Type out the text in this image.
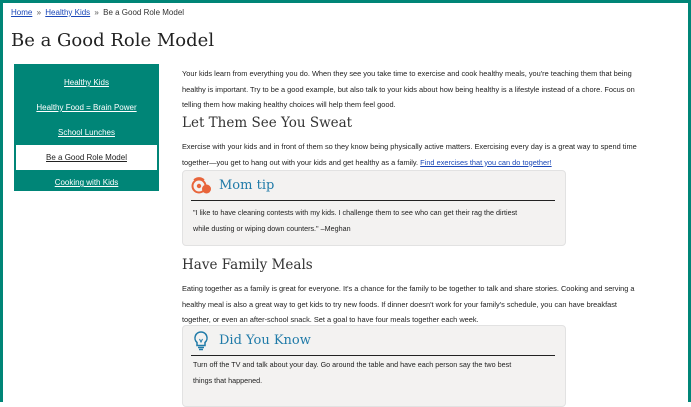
Home » Healthy Kids » Be a Good Role Model
Be a Good Role Model
Healthy Kids
Healthy Food = Brain Power
School Lunches
Be a Good Role Model
Cooking with Kids

Your kids learn from everything you do. When they see you take time to exercise and cook healthy meals, you're teaching them that being
healthy is important. Try to be a good example, but also talk to your kids about how being healthy is a lifestyle instead of a chore. Focus on
telling them how making healthy choices will help them feel good.

Let Them See You Sweat

Exercise with your kids and in front of them so they know being physically active matters. Exercising every day is a great way to spend time
together—you get to hang out with your kids and get healthy as a family. Find exercises that you can do together!

Mom tip
"I like to have cleaning contests with my kids. I challenge them to see who can get their rag the dirtiest
while dusting or wiping down counters." –Meghan
Have Family Meals

Eating together as a family is great for everyone. It's a chance for the family to be together to talk and share stories. Cooking and serving a
healthy meal is also a great way to get kids to try new foods. If dinner doesn't work for your family's schedule, you can have breakfast
together, or even an after-school snack. Set a goal to have four meals together each week.

Did You Know
Turn off the TV and talk about your day. Go around the table and have each person say the two best
things that happened.
